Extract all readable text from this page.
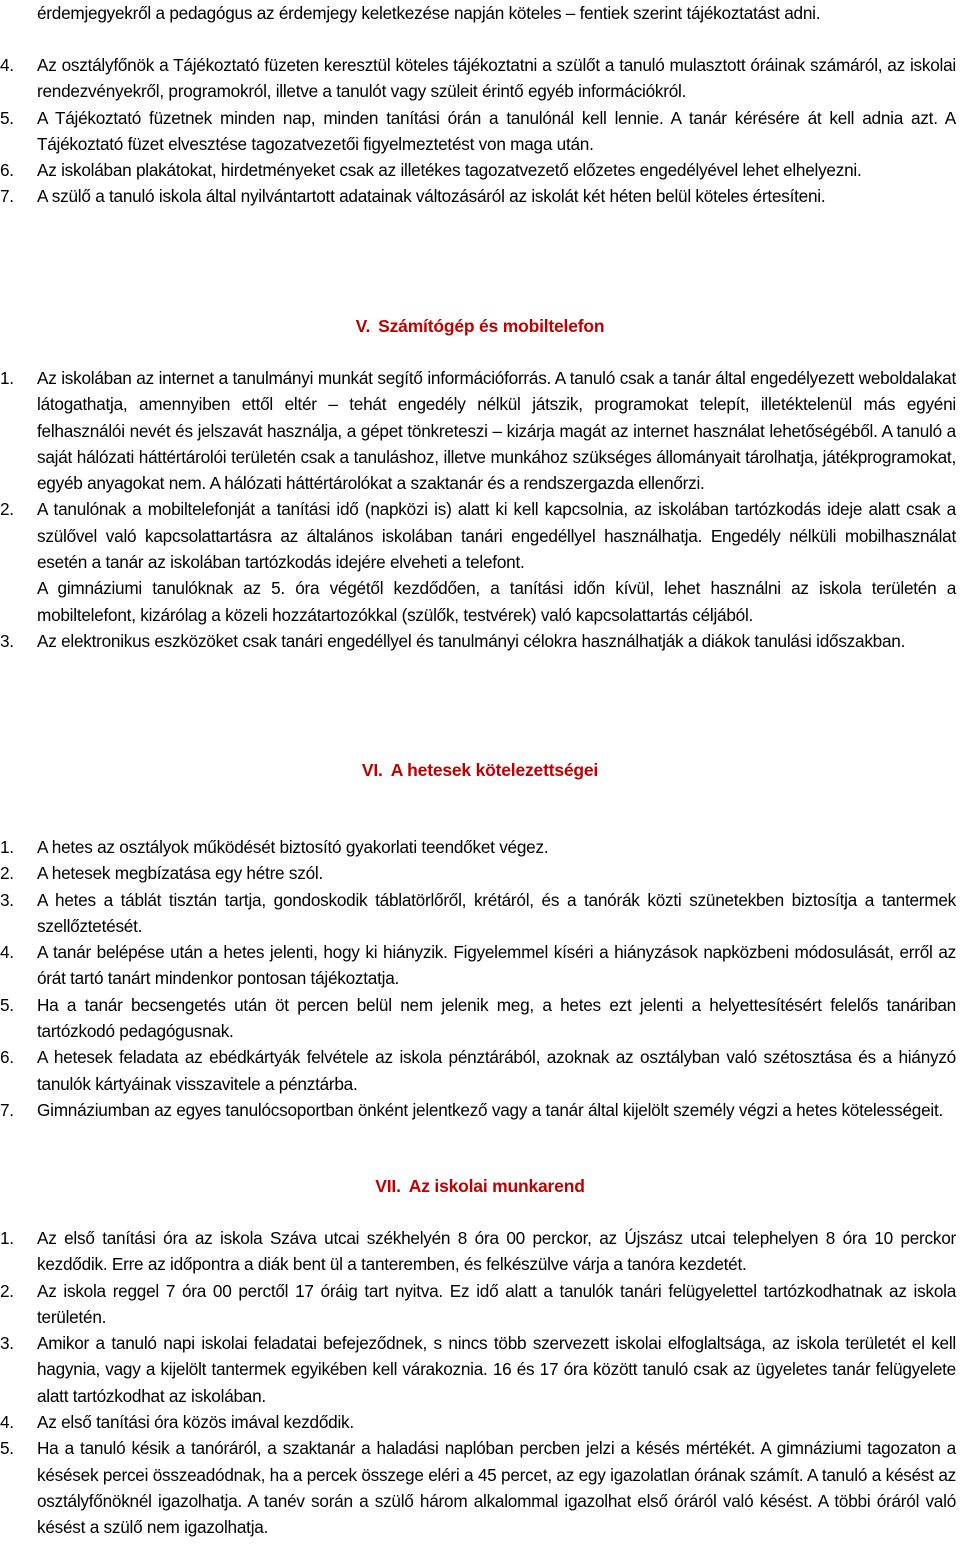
érdemjegyekről a pedagógus az érdemjegy keletkezése napján köteles – fentiek szerint tájékoztatást adni.
4. Az osztályfőnök a Tájékoztató füzeten keresztül köteles tájékoztatni a szülőt a tanuló mulasztott óráinak számáról, az iskolai rendezvényekről, programokról, illetve a tanulót vagy szüleit érintő egyéb információkról.
5. A Tájékoztató füzetnek minden nap, minden tanítási órán a tanulónál kell lennie. A tanár kérésére át kell adnia azt. A Tájékoztató füzet elvesztése tagozatvezetői figyelmeztetést von maga után.
6. Az iskolában plakátokat, hirdetményeket csak az illetékes tagozatvezető előzetes engedélyével lehet elhelyezni.
7. A szülő a tanuló iskola által nyilvántartott adatainak változásáról az iskolát két héten belül köteles értesíteni.
V. Számítógép és mobiltelefon
1. Az iskolában az internet a tanulmányi munkát segítő információforrás. A tanuló csak a tanár által engedélyezett weboldalakat látogathatja, amennyiben ettől eltér – tehát engedély nélkül játszik, programokat telepít, illetéktelenül más egyéni felhasználói nevét és jelszavát használja, a gépet tönkreteszi – kizárja magát az internet használat lehetőségéből. A tanuló a saját hálózati háttértárolói területén csak a tanuláshoz, illetve munkához szükséges állományait tárolhatja, játékprogramokat, egyéb anyagokat nem. A hálózati háttértárolókat a szaktanár és a rendszergazda ellenőrzi.
2. A tanulónak a mobiltelefonját a tanítási idő (napközi is) alatt ki kell kapcsolnia, az iskolában tartózkodás ideje alatt csak a szülővel való kapcsolattartásra az általános iskolában tanári engedéllyel használhatja. Engedély nélküli mobilhasználat esetén a tanár az iskolában tartózkodás idejére elveheti a telefont.
A gimnáziumi tanulóknak az 5. óra végétől kezdődően, a tanítási időn kívül, lehet használni az iskola területén a mobiltelefont, kizárólag a közeli hozzátartozókkal (szülők, testvérek) való kapcsolattartás céljából.
3. Az elektronikus eszközöket csak tanári engedéllyel és tanulmányi célokra használhatják a diákok tanulási időszakban.
VI. A hetesek kötelezettségei
1. A hetes az osztályok működését biztosító gyakorlati teendőket végez.
2. A hetesek megbízatása egy hétre szól.
3. A hetes a táblát tisztán tartja, gondoskodik táblatörlőről, krétáról, és a tanórák közti szünetekben biztosítja a tantermek szellőztetését.
4. A tanár belépése után a hetes jelenti, hogy ki hiányzik. Figyelemmel kíséri a hiányzások napközbeni módosulását, erről az órát tartó tanárt mindenkor pontosan tájékoztatja.
5. Ha a tanár becsengetés után öt percen belül nem jelenik meg, a hetes ezt jelenti a helyettesítésért felelős tanáriban tartózkodó pedagógusnak.
6. A hetesek feladata az ebédkártyák felvétele az iskola pénztárából, azoknak az osztályban való szétosztása és a hiányzó tanulók kártyáinak visszavitele a pénztárba.
7. Gimnáziumban az egyes tanulócsoportban önként jelentkező vagy a tanár által kijelölt személy végzi a hetes kötelességeit.
VII. Az iskolai munkarend
1. Az első tanítási óra az iskola Száva utcai székhelyén 8 óra 00 perckor, az Újszász utcai telephelyen 8 óra 10 perckor kezdődik. Erre az időpontra a diák bent ül a tanteremben, és felkészülve várja a tanóra kezdetét.
2. Az iskola reggel 7 óra 00 perctől 17 óráig tart nyitva. Ez idő alatt a tanulók tanári felügyelettel tartózkodhatnak az iskola területén.
3. Amikor a tanuló napi iskolai feladatai befejeződnek, s nincs több szervezett iskolai elfoglaltsága, az iskola területét el kell hagynia, vagy a kijelölt tantermek egyikében kell várakoznia. 16 és 17 óra között tanuló csak az ügyeletes tanár felügyelete alatt tartózkodhat az iskolában.
4. Az első tanítási óra közös imával kezdődik.
5. Ha a tanuló késik a tanóráról, a szaktanár a haladási naplóban percben jelzi a késés mértékét. A gimnáziumi tagozaton a késések percei összeadódnak, ha a percek összege eléri a 45 percet, az egy igazolatlan órának számít. A tanuló a késést az osztályfőnöknél igazolhatja. A tanév során a szülő három alkalommal igazolhat első óráról való késést. A többi óráról való késést a szülő nem igazolhatja.
